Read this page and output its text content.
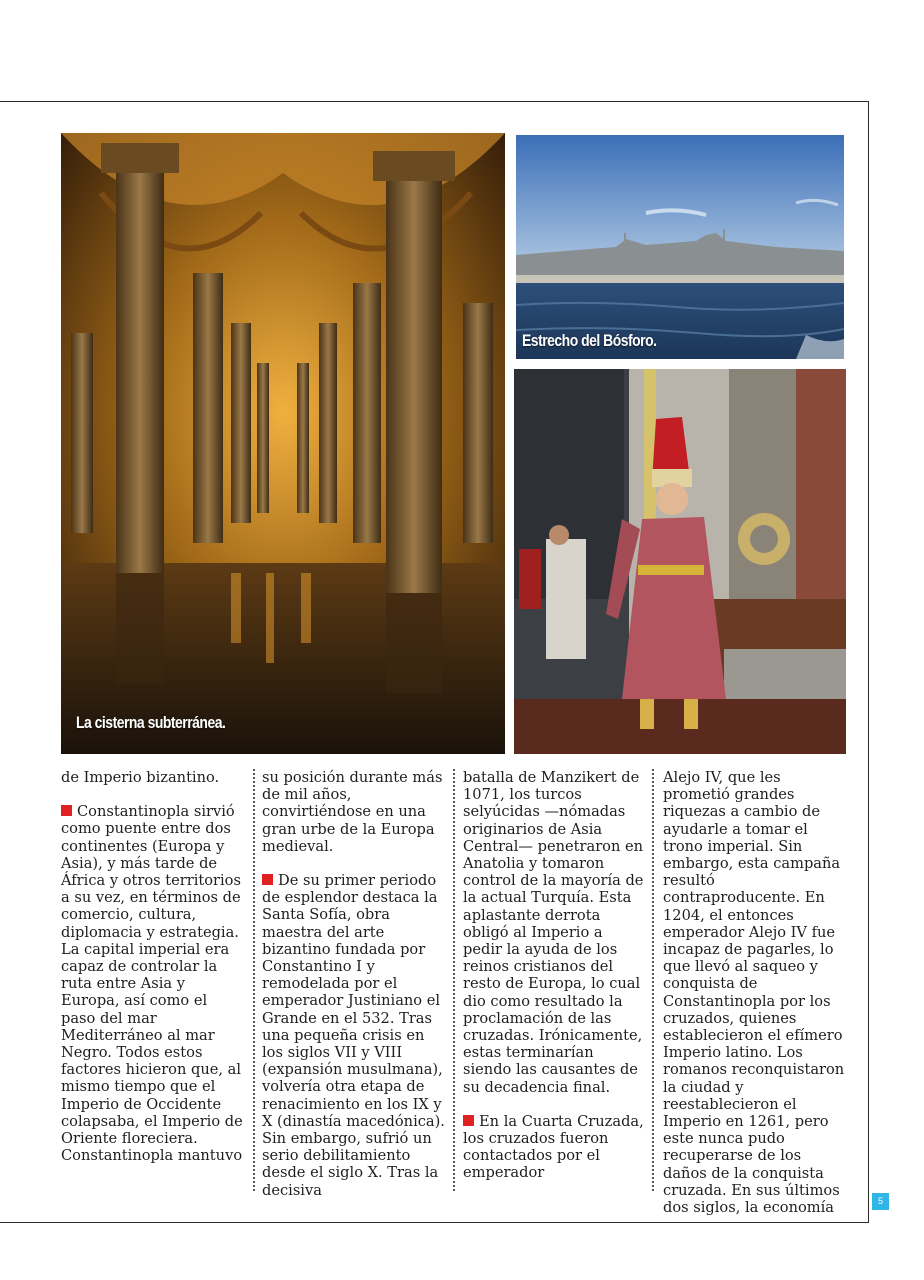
La cisterna subterránea.
Estrecho del Bósforo.

de Imperio bizantino.

Constantinopla sirvió como puente entre dos continentes (Europa y Asia), y más tarde de África y otros territorios a su vez, en términos de comercio, cultura, diplomacia y estrategia. La capital imperial era capaz de controlar la ruta entre Asia y Europa, así como el paso del mar Mediterráneo al mar Negro. Todos estos factores hicieron que, al mismo tiempo que el Imperio de Occidente colapsaba, el Imperio de Oriente floreciera. Constantinopla mantuvo

su posición durante más de mil años, convirtiéndose en una gran urbe de la Europa medieval.

De su primer periodo de esplendor destaca la Santa Sofía, obra maestra del arte bizantino fundada por Constantino I y remodelada por el emperador Justiniano el Grande en el 532. Tras una pequeña crisis en los siglos VII y VIII (expansión musulmana), volvería otra etapa de renacimiento en los IX y X (dinastía macedónica). Sin embargo, sufrió un serio debilitamiento desde el siglo X. Tras la decisiva

batalla de Manzikert de 1071, los turcos selyúcidas —nómadas originarios de Asia Central— penetraron en Anatolia y tomaron control de la mayoría de la actual Turquía. Esta aplastante derrota obligó al Imperio a pedir la ayuda de los reinos cristianos del resto de Europa, lo cual dio como resultado la proclamación de las cruzadas. Irónicamente, estas terminarían siendo las causantes de su decadencia final.

En la Cuarta Cruzada, los cruzados fueron contactados por el emperador

Alejo IV, que les prometió grandes riquezas a cambio de ayudarle a tomar el trono imperial. Sin embargo, esta campaña resultó contraproducente. En 1204, el entonces emperador Alejo IV fue incapaz de pagarles, lo que llevó al saqueo y conquista de Constantinopla por los cruzados, quienes establecieron el efímero Imperio latino. Los romanos reconquistaron la ciudad y reestablecieron el Imperio en 1261, pero este nunca pudo recuperarse de los daños de la conquista cruzada. En sus últimos dos siglos, la economía	5
